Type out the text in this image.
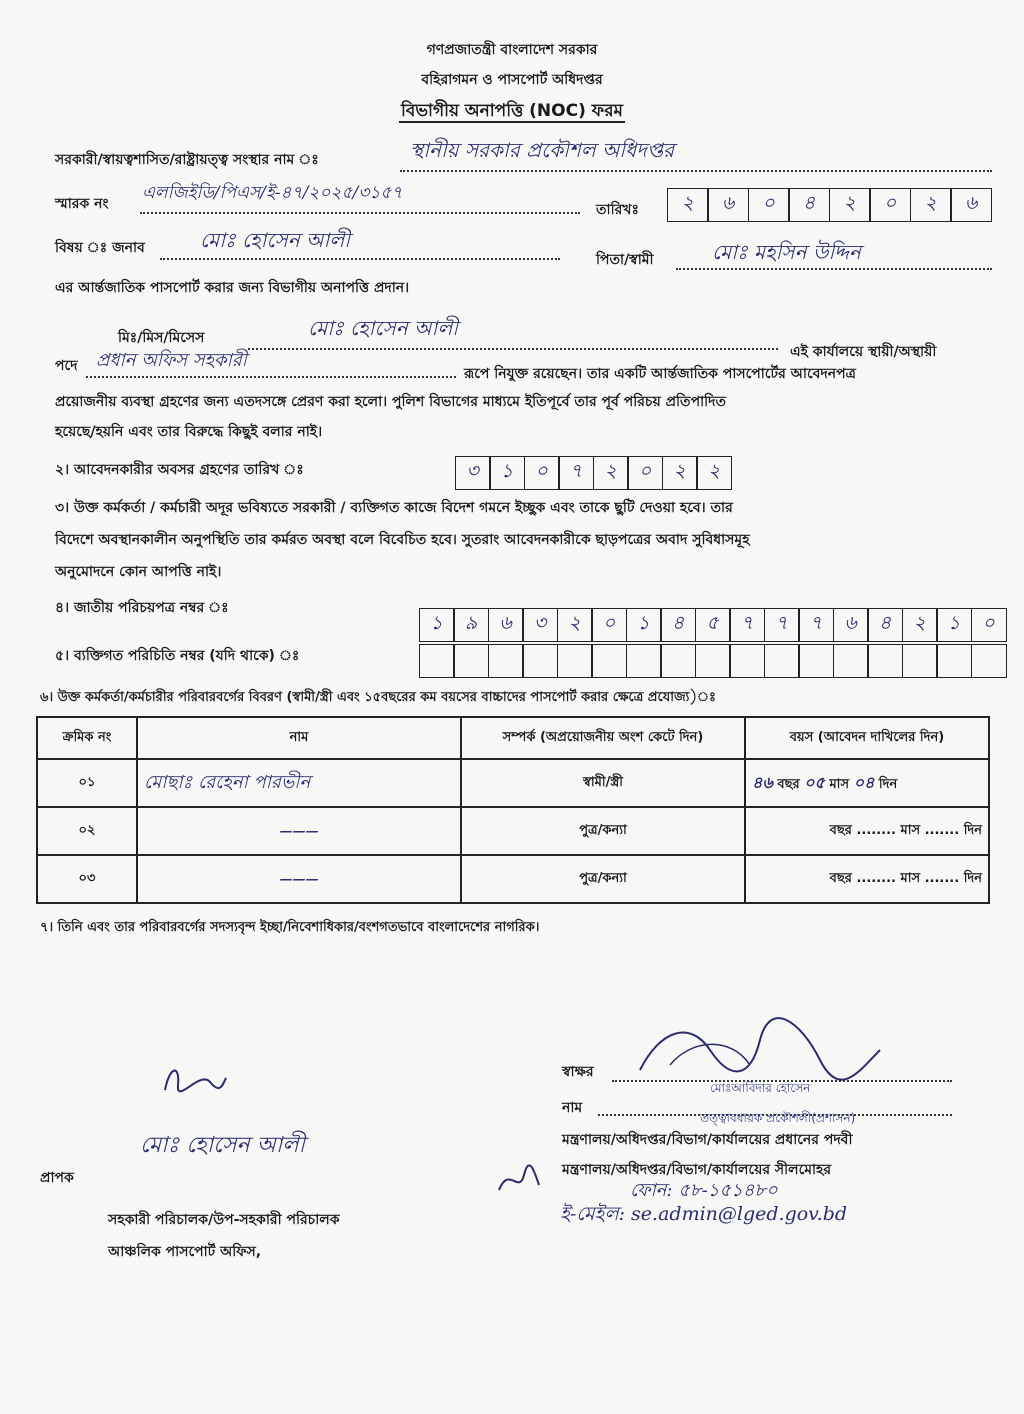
গণপ্রজাতন্ত্রী বাংলাদেশ সরকার
বহিরাগমন ও পাসপোর্ট অধিদপ্তর
বিভাগীয় অনাপত্তি (NOC) ফরম
সরকারী/স্বায়ত্বশাসিত/রাষ্ট্রায়ত্ত্ব সংস্থার নাম ঃ	স্থানীয় সরকার প্রকৌশল অধিদপ্তর
স্মারক নং
এলজিইডি/পিএস/ই-৪৭/২০২৫/৩১৫৭
তারিখঃ	২	৬	০	৪	২	০	২	৬
বিষয় ঃ জনাব	মোঃ হোসেন আলী
পিতা/স্বামী	মোঃ মহসিন উদ্দিন
এর আর্ন্তজাতিক পাসপোর্ট করার জন্য বিভাগীয় অনাপত্তি প্রদান।
মিঃ/মিস/মিসেস	মোঃ হোসেন আলী
এই কার্যালয়ে স্থায়ী/অস্থায়ী
পদে প্রধান অফিস সহকারী
রূপে নিযুক্ত রয়েছেন। তার একটি আর্ন্তজাতিক পাসপোর্টের আবেদনপত্র
প্রয়োজনীয় ব্যবস্থা গ্রহণের জন্য এতদসঙ্গে প্রেরণ করা হলো। পুলিশ বিভাগের মাধ্যমে ইতিপূর্বে তার পূর্ব পরিচয় প্রতিপাদিত
হয়েছে/হয়নি এবং তার বিরুদ্ধে কিছুই বলার নাই।
২। আবেদনকারীর অবসর গ্রহণের তারিখ ঃ	৩	১	০	৭	২	০	২	২
৩। উক্ত কর্মকর্তা / কর্মচারী অদূর ভবিষ্যতে সরকারী / ব্যক্তিগত কাজে বিদেশ গমনে ইচ্ছুক এবং তাকে ছুটি দেওয়া হবে। তার
বিদেশে অবস্থানকালীন অনুপস্থিতি তার কর্মরত অবস্থা বলে বিবেচিত হবে। সুতরাং আবেদনকারীকে ছাড়পত্রের অবাদ সুবিধাসমূহ
অনুমোদনে কোন আপত্তি নাই।
৪। জাতীয় পরিচয়পত্র নম্বর ঃ
১	৯	৬	৩	২	০	১	৪	৫	৭	৭	৭	৬	৪	২	১	০
৫। ব্যক্তিগত পরিচিতি নম্বর (যদি থাকে) ঃ
৬। উক্ত কর্মকর্তা/কর্মচারীর পরিবারবর্গের বিবরণ (স্বামী/স্ত্রী এবং ১৫বছরের কম বয়সের বাচ্চাদের পাসপোর্ট করার ক্ষেত্রে প্রযোজ্য)ঃ
ক্রমিক নং	নাম	সম্পর্ক (অপ্রয়োজনীয় অংশ কেটে দিন)	বয়স (আবেদন দাখিলের দিন)
০১	মোছাঃ রেহেনা পারভীন	স্বামী/স্ত্রী	৪৬ বছর ০৫ মাস ০৪ দিন
০২	———	পুত্র/কন্যা	বছর ........ মাস ....... দিন
০৩	———	পুত্র/কন্যা	বছর ........ মাস ....... দিন
৭। তিনি এবং তার পরিবারবর্গের সদস্যবৃন্দ ইচ্ছা/নিবেশাধিকার/বংশগতভাবে বাংলাদেশের নাগরিক।
মোঃ হোসেন আলী
স্বাক্ষর
মোঃআবিদার হোসেন
নাম
তত্ত্বাবধায়ক প্রকৌশলী(প্রশাসন)
মন্ত্রণালয়/অধিদপ্তর/বিভাগ/কার্যালয়ের প্রধানের পদবী
মন্ত্রণালয়/অধিদপ্তর/বিভাগ/কার্যালয়ের সীলমোহর
ফোন: ৫৮-১৫১৪৮০
ই-মেইল: se.admin@lged.gov.bd
প্রাপক
সহকারী পরিচালক/উপ-সহকারী পরিচালক
আঞ্চলিক পাসপোর্ট অফিস,
